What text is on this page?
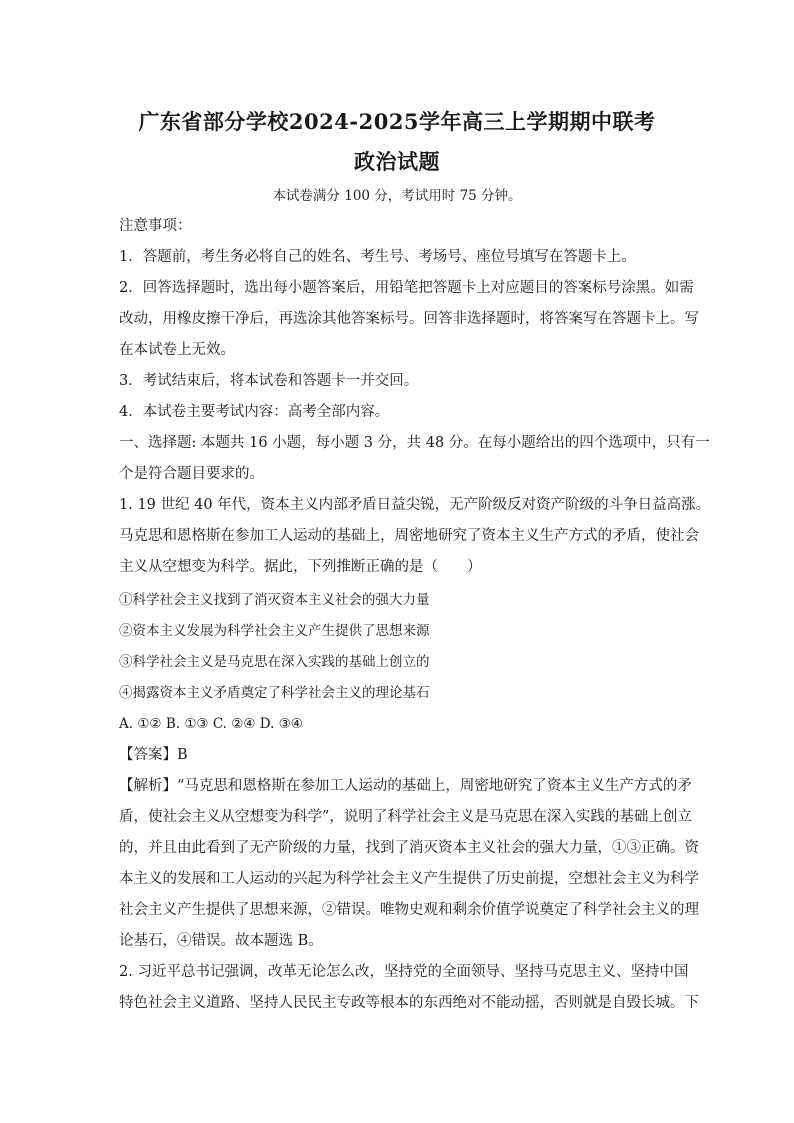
广东省部分学校2024-2025学年高三上学期期中联考
政治试题
本试卷满分 100 分，考试用时 75 分钟。
注意事项：
1．答题前，考生务必将自己的姓名、考生号、考场号、座位号填写在答题卡上。
2．回答选择题时，选出每小题答案后，用铅笔把答题卡上对应题目的答案标号涂黑。如需
改动，用橡皮擦干净后，再选涂其他答案标号。回答非选择题时，将答案写在答题卡上。写
在本试卷上无效。
3．考试结束后，将本试卷和答题卡一并交回。
4．本试卷主要考试内容：高考全部内容。
一、选择题: 本题共 16 小题，每小题 3 分，共 48 分。在每小题给出的四个选项中，只有一
个是符合题目要求的。
1. 19 世纪 40 年代，资本主义内部矛盾日益尖锐，无产阶级反对资产阶级的斗争日益高涨。
马克思和恩格斯在参加工人运动的基础上，周密地研究了资本主义生产方式的矛盾，使社会
主义从空想变为科学。据此，下列推断正确的是（　　）
①科学社会主义找到了消灭资本主义社会的强大力量
②资本主义发展为科学社会主义产生提供了思想来源
③科学社会主义是马克思在深入实践的基础上创立的
④揭露资本主义矛盾奠定了科学社会主义的理论基石
A. ①② B. ①③ C. ②④ D. ③④
【答案】B
【解析】“马克思和恩格斯在参加工人运动的基础上，周密地研究了资本主义生产方式的矛
盾，使社会主义从空想变为科学”，说明了科学社会主义是马克思在深入实践的基础上创立
的，并且由此看到了无产阶级的力量，找到了消灭资本主义社会的强大力量，①③正确。资
本主义的发展和工人运动的兴起为科学社会主义产生提供了历史前提，空想社会主义为科学
社会主义产生提供了思想来源，②错误。唯物史观和剩余价值学说奠定了科学社会主义的理
论基石，④错误。故本题选 B。
2. 习近平总书记强调，改革无论怎么改，坚持党的全面领导、坚持马克思主义、坚持中国
特色社会主义道路、坚持人民民主专政等根本的东西绝对不能动摇，否则就是自毁长城。下
